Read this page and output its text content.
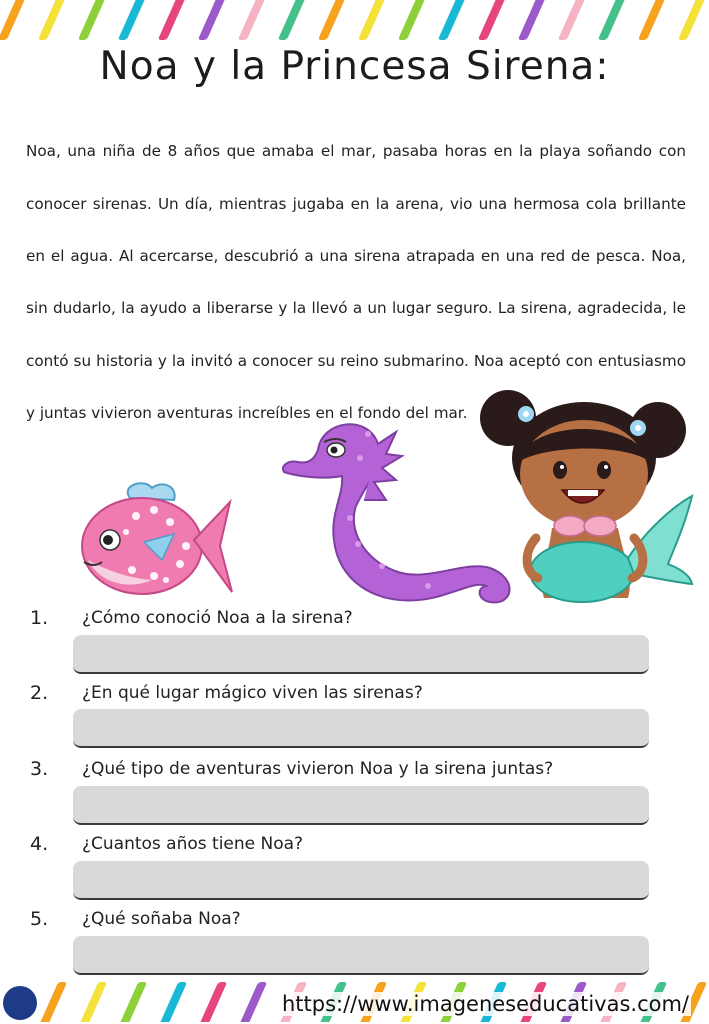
Noa y la Princesa Sirena:

Noa, una niña de 8 años que amaba el mar, pasaba horas en la playa soñando con conocer sirenas. Un día, mientras jugaba en la arena, vio una hermosa cola brillante en el agua. Al acercarse, descubrió a una sirena atrapada en una red de pesca. Noa, sin dudarlo, la ayudo a liberarse y la llevó a un lugar seguro. La sirena, agradecida, le contó su historia y la invitó a conocer su reino submarino. Noa aceptó con entusiasmo y juntas vivieron aventuras increíbles en el fondo del mar.

1. ¿Cómo conoció Noa a la sirena?
2. ¿En qué lugar mágico viven las sirenas?
3. ¿Qué tipo de aventuras vivieron Noa y la sirena juntas?
4. ¿Cuantos años tiene Noa?
5. ¿Qué soñaba Noa?
https://www.imageneseducativas.com/
